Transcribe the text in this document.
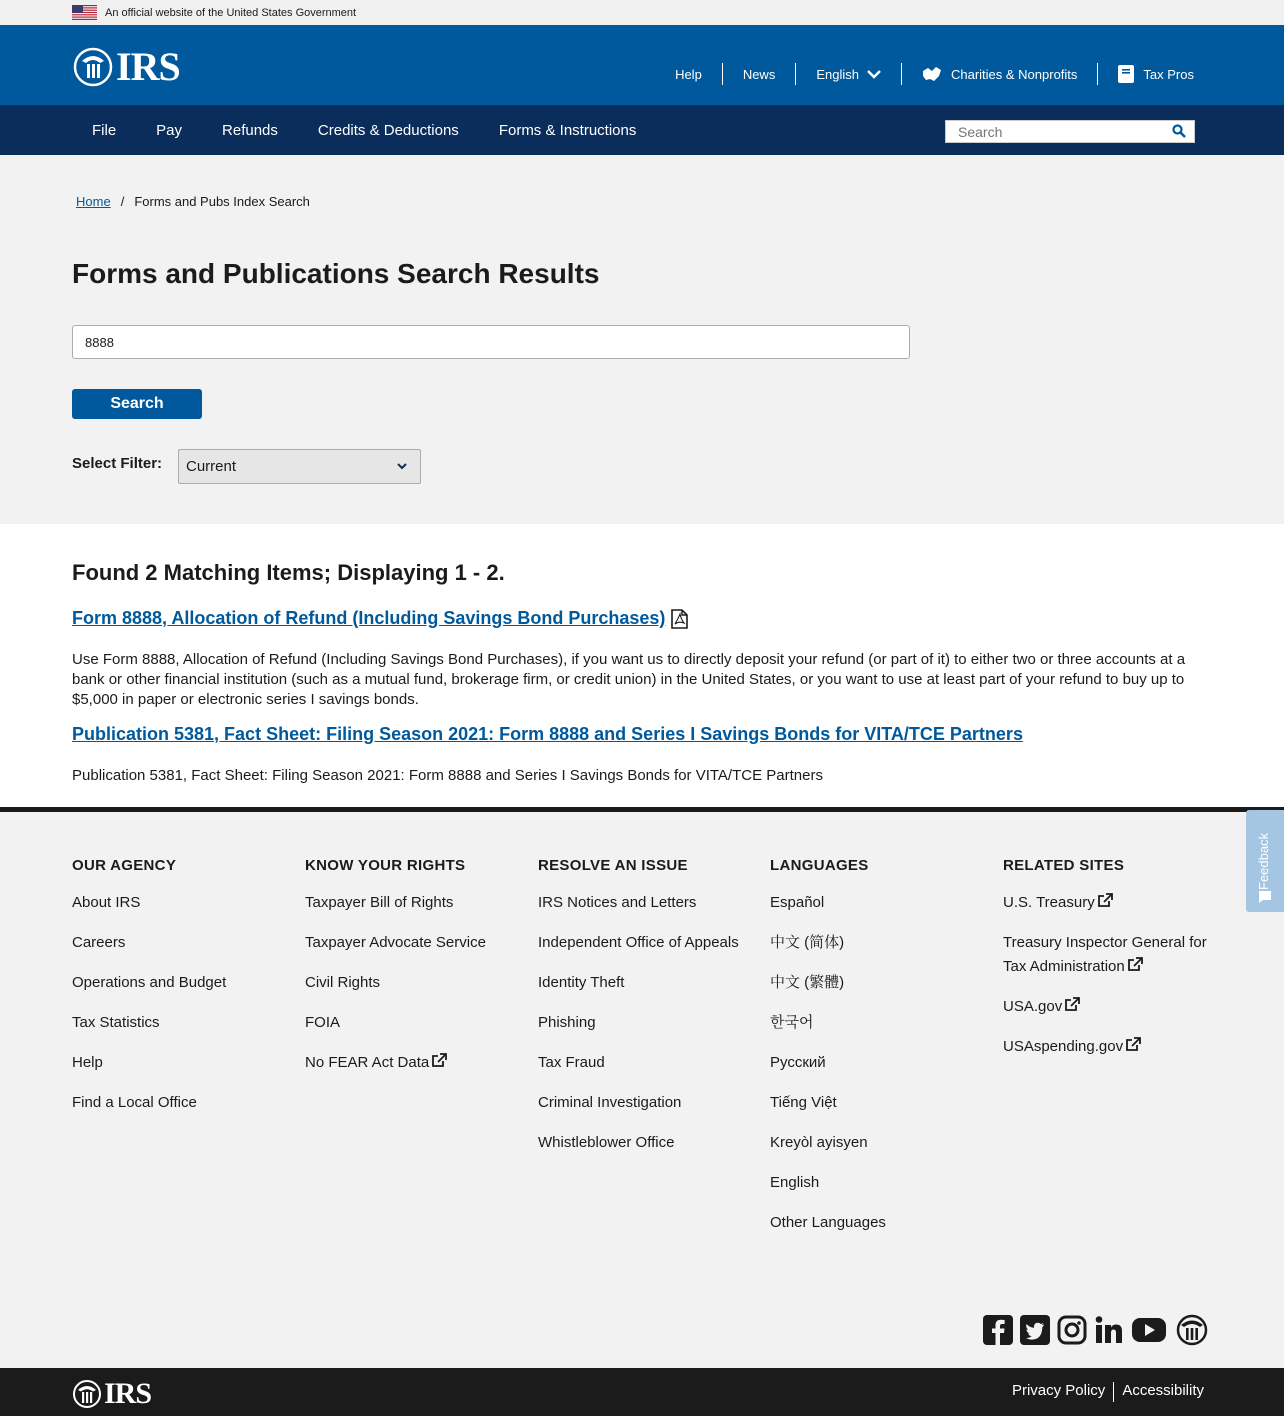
An official website of the United States Government
IRS	Help	News	English	Charities & Nonprofits	Tax Pros
File	Pay	Refunds	Credits & Deductions	Forms & Instructions
Search
Home / Forms and Pubs Index Search
Forms and Publications Search Results
8888
Search
Select Filter: Current
Found 2 Matching Items; Displaying 1 - 2.
Form 8888, Allocation of Refund (Including Savings Bond Purchases)

Use Form 8888, Allocation of Refund (Including Savings Bond Purchases), if you want us to directly deposit your refund (or part of it) to either two or three accounts at a bank or other financial institution (such as a mutual fund, brokerage firm, or credit union) in the United States, or you want to use at least part of your refund to buy up to $5,000 in paper or electronic series I savings bonds.

Publication 5381, Fact Sheet: Filing Season 2021: Form 8888 and Series I Savings Bonds for VITA/TCE Partners

Publication 5381, Fact Sheet: Filing Season 2021: Form 8888 and Series I Savings Bonds for VITA/TCE Partners

OUR AGENCY
About IRS
Careers
Operations and Budget
Tax Statistics
Help
Find a Local Office
KNOW YOUR RIGHTS
Taxpayer Bill of Rights
Taxpayer Advocate Service
Civil Rights
FOIA
No FEAR Act Data
RESOLVE AN ISSUE
IRS Notices and Letters
Independent Office of Appeals
Identity Theft
Phishing
Tax Fraud
Criminal Investigation
Whistleblower Office
LANGUAGES
Español
中文 (简体)
中文 (繁體)
한국어
Русский
Tiếng Việt
Kreyòl ayisyen
English
Other Languages
RELATED SITES
U.S. Treasury
Treasury Inspector General for Tax Administration
USA.gov
USAspending.gov
Feedback
IRS	Privacy Policy	Accessibility
